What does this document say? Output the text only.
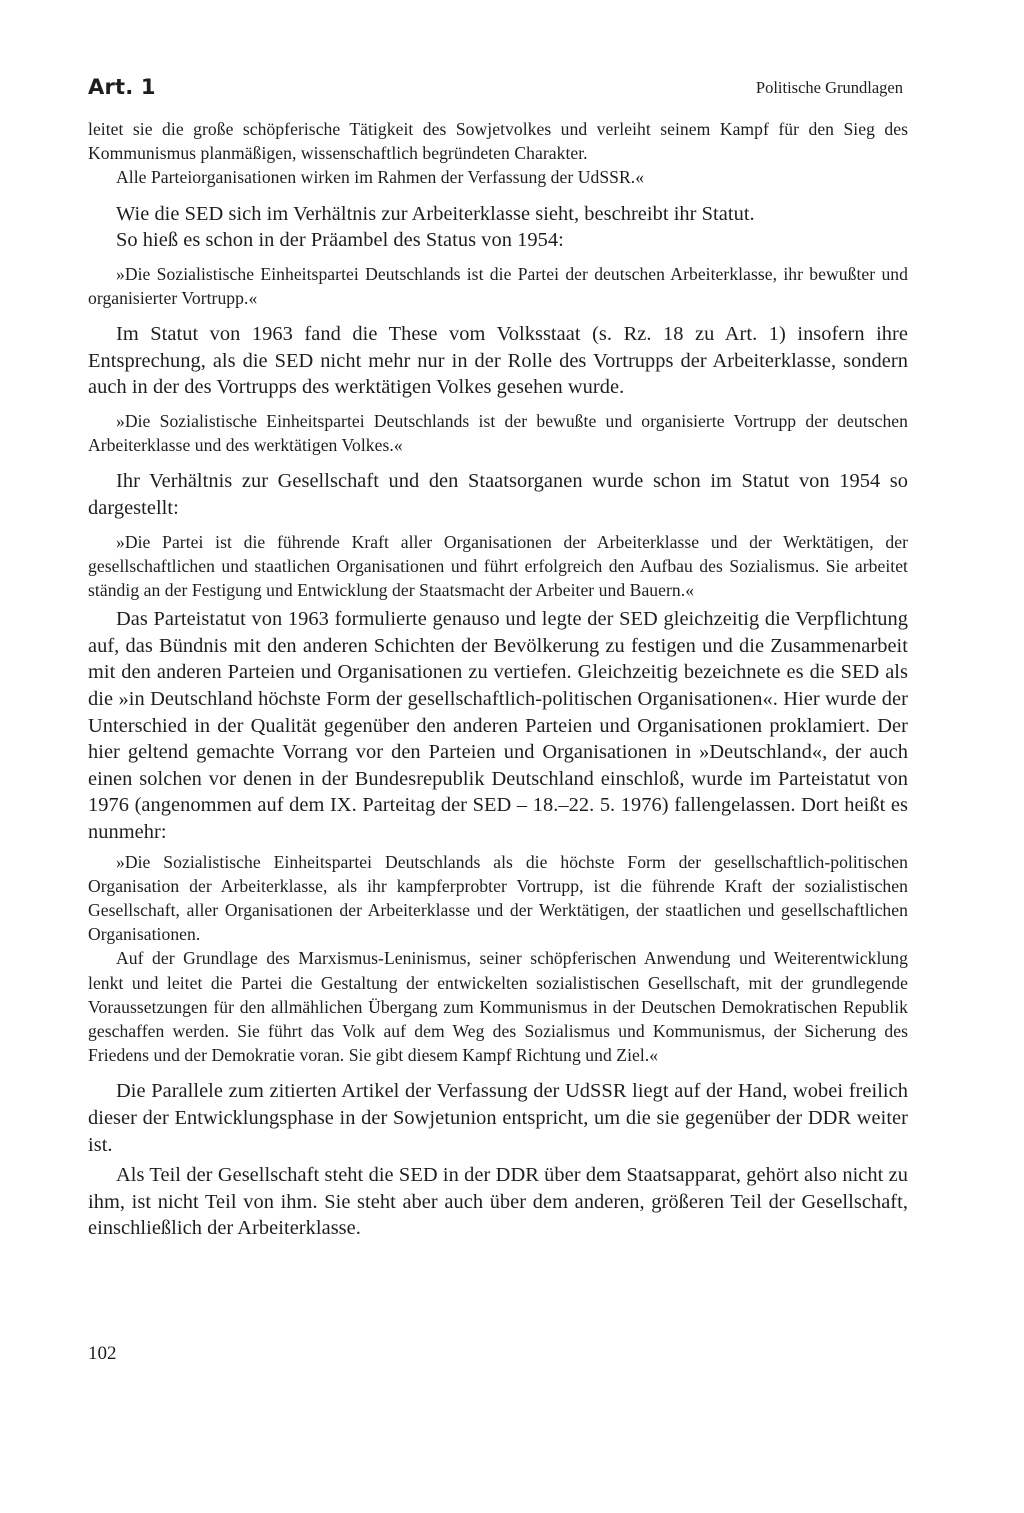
Art. 1	Politische Grundlagen

leitet sie die große schöpferische Tätigkeit des Sowjetvolkes und verleiht seinem Kampf für den Sieg des Kommunismus planmäßigen, wissenschaftlich begründeten Charakter.

Alle Parteiorganisationen wirken im Rahmen der Verfassung der UdSSR.«

Wie die SED sich im Verhältnis zur Arbeiterklasse sieht, beschreibt ihr Statut.

So hieß es schon in der Präambel des Status von 1954:

»Die Sozialistische Einheitspartei Deutschlands ist die Partei der deutschen Arbeiterklasse, ihr bewußter und organisierter Vortrupp.«

Im Statut von 1963 fand die These vom Volksstaat (s. Rz. 18 zu Art. 1) insofern ihre Entsprechung, als die SED nicht mehr nur in der Rolle des Vortrupps der Arbeiterklasse, sondern auch in der des Vortrupps des werktätigen Volkes gesehen wurde.

»Die Sozialistische Einheitspartei Deutschlands ist der bewußte und organisierte Vortrupp der deutschen Arbeiterklasse und des werktätigen Volkes.«

Ihr Verhältnis zur Gesellschaft und den Staatsorganen wurde schon im Statut von 1954 so dargestellt:

»Die Partei ist die führende Kraft aller Organisationen der Arbeiterklasse und der Werktätigen, der gesellschaftlichen und staatlichen Organisationen und führt erfolgreich den Aufbau des Sozialismus. Sie arbeitet ständig an der Festigung und Entwicklung der Staatsmacht der Arbeiter und Bauern.«

Das Parteistatut von 1963 formulierte genauso und legte der SED gleichzeitig die Verpflichtung auf, das Bündnis mit den anderen Schichten der Bevölkerung zu festigen und die Zusammenarbeit mit den anderen Parteien und Organisationen zu vertiefen. Gleichzeitig bezeichnete es die SED als die »in Deutschland höchste Form der gesellschaftlich-politischen Organisationen«. Hier wurde der Unterschied in der Qualität gegenüber den anderen Parteien und Organisationen proklamiert. Der hier geltend gemachte Vorrang vor den Parteien und Organisationen in »Deutschland«, der auch einen solchen vor denen in der Bundesrepublik Deutschland einschloß, wurde im Parteistatut von 1976 (angenommen auf dem IX. Parteitag der SED – 18.–22. 5. 1976) fallengelassen. Dort heißt es nunmehr:

»Die Sozialistische Einheitspartei Deutschlands als die höchste Form der gesellschaftlich-politischen Organisation der Arbeiterklasse, als ihr kampferprobter Vortrupp, ist die führende Kraft der sozialistischen Gesellschaft, aller Organisationen der Arbeiterklasse und der Werktätigen, der staatlichen und gesellschaftlichen Organisationen.

Auf der Grundlage des Marxismus-Leninismus, seiner schöpferischen Anwendung und Weiterentwicklung lenkt und leitet die Partei die Gestaltung der entwickelten sozialistischen Gesellschaft, mit der grundlegende Voraussetzungen für den allmählichen Übergang zum Kommunismus in der Deutschen Demokratischen Republik geschaffen werden. Sie führt das Volk auf dem Weg des Sozialismus und Kommunismus, der Sicherung des Friedens und der Demokratie voran. Sie gibt diesem Kampf Richtung und Ziel.«

Die Parallele zum zitierten Artikel der Verfassung der UdSSR liegt auf der Hand, wobei freilich dieser der Entwicklungsphase in der Sowjetunion entspricht, um die sie gegenüber der DDR weiter ist.

Als Teil der Gesellschaft steht die SED in der DDR über dem Staatsapparat, gehört also nicht zu ihm, ist nicht Teil von ihm. Sie steht aber auch über dem anderen, größeren Teil der Gesellschaft, einschließlich der Arbeiterklasse.

102
